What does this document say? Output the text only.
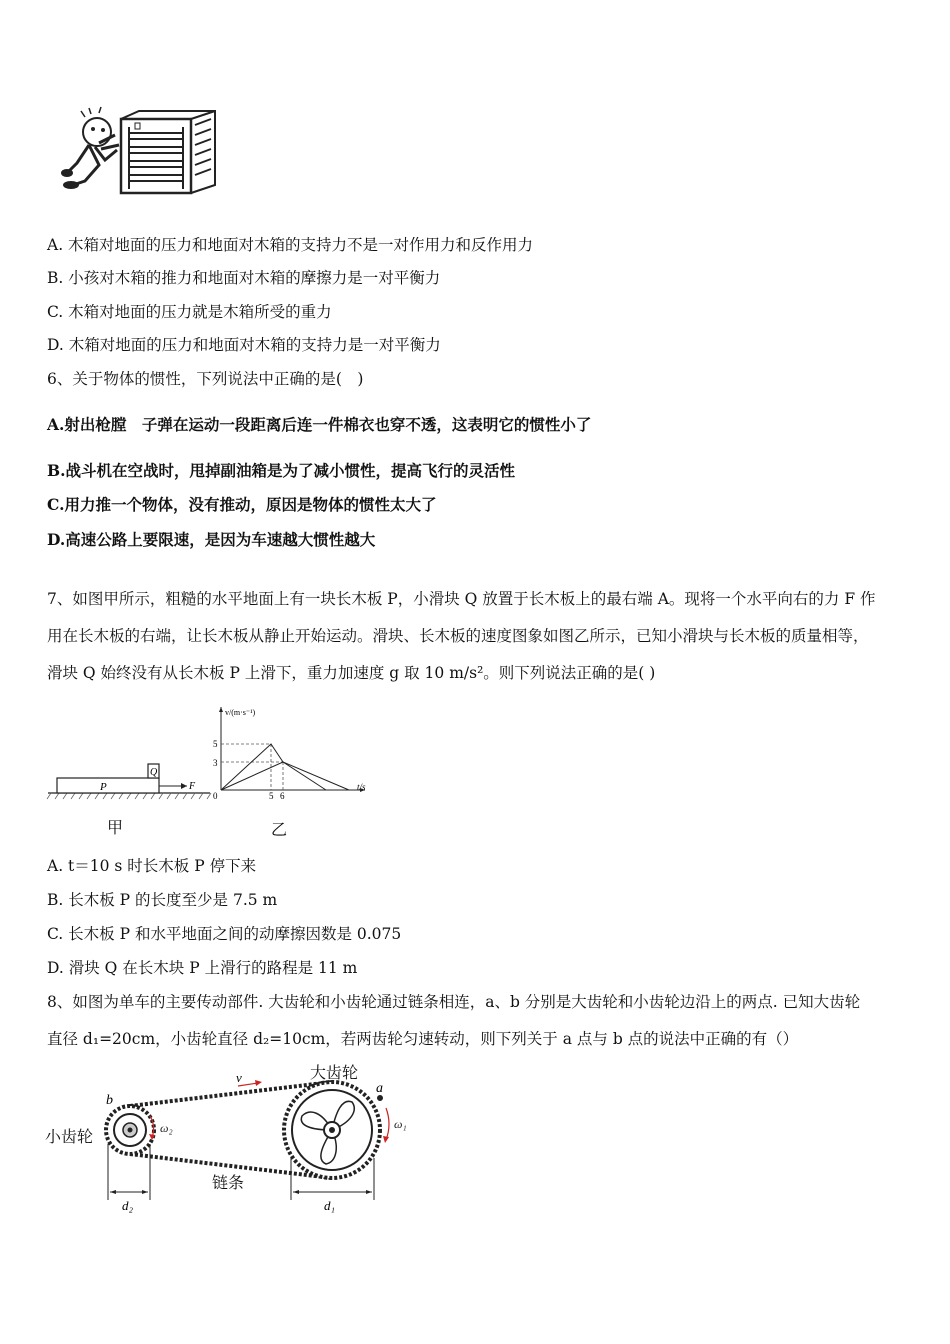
A. 木箱对地面的压力和地面对木箱的支持力不是一对作用力和反作用力
B. 小孩对木箱的推力和地面对木箱的摩擦力是一对平衡力
C. 木箱对地面的压力就是木箱所受的重力
D. 木箱对地面的压力和地面对木箱的支持力是一对平衡力
6、关于物体的惯性，下列说法中正确的是(　)
A.射出枪膛　子弹在运动一段距离后连一件棉衣也穿不透，这表明它的惯性小了
B.战斗机在空战时，甩掉副油箱是为了减小惯性，提高飞行的灵活性
C.用力推一个物体，没有推动，原因是物体的惯性太大了
D.高速公路上要限速，是因为车速越大惯性越大
7、如图甲所示，粗糙的水平地面上有一块长木板 P，小滑块 Q 放置于长木板上的最右端 A。现将一个水平向右的力 F 作
用在长木板的右端，让长木板从静止开始运动。滑块、长木板的速度图象如图乙所示，已知小滑块与长木板的质量相等，
滑块 Q 始终没有从长木板 P 上滑下，重力加速度 g 取 10 m/s²。则下列说法正确的是( )
P
Q
F
v/(m·s⁻¹)
t/s
0
5
3
5 6
甲	乙
A. t＝10 s 时长木板 P 停下来
B. 长木板 P 的长度至少是 7.5 m
C. 长木板 P 和水平地面之间的动摩擦因数是 0.075
D. 滑块 Q 在长木块 P 上滑行的路程是 11 m
8、如图为单车的主要传动部件. 大齿轮和小齿轮通过链条相连，a、b 分别是大齿轮和小齿轮边沿上的两点. 已知大齿轮
直径 d₁=20cm，小齿轮直径 d₂=10cm，若两齿轮匀速转动，则下列关于 a 点与 b 点的说法中正确的有（）
a
b
v
ω₂	ω₁
d₂	d₁
大齿轮
小齿轮
链条
